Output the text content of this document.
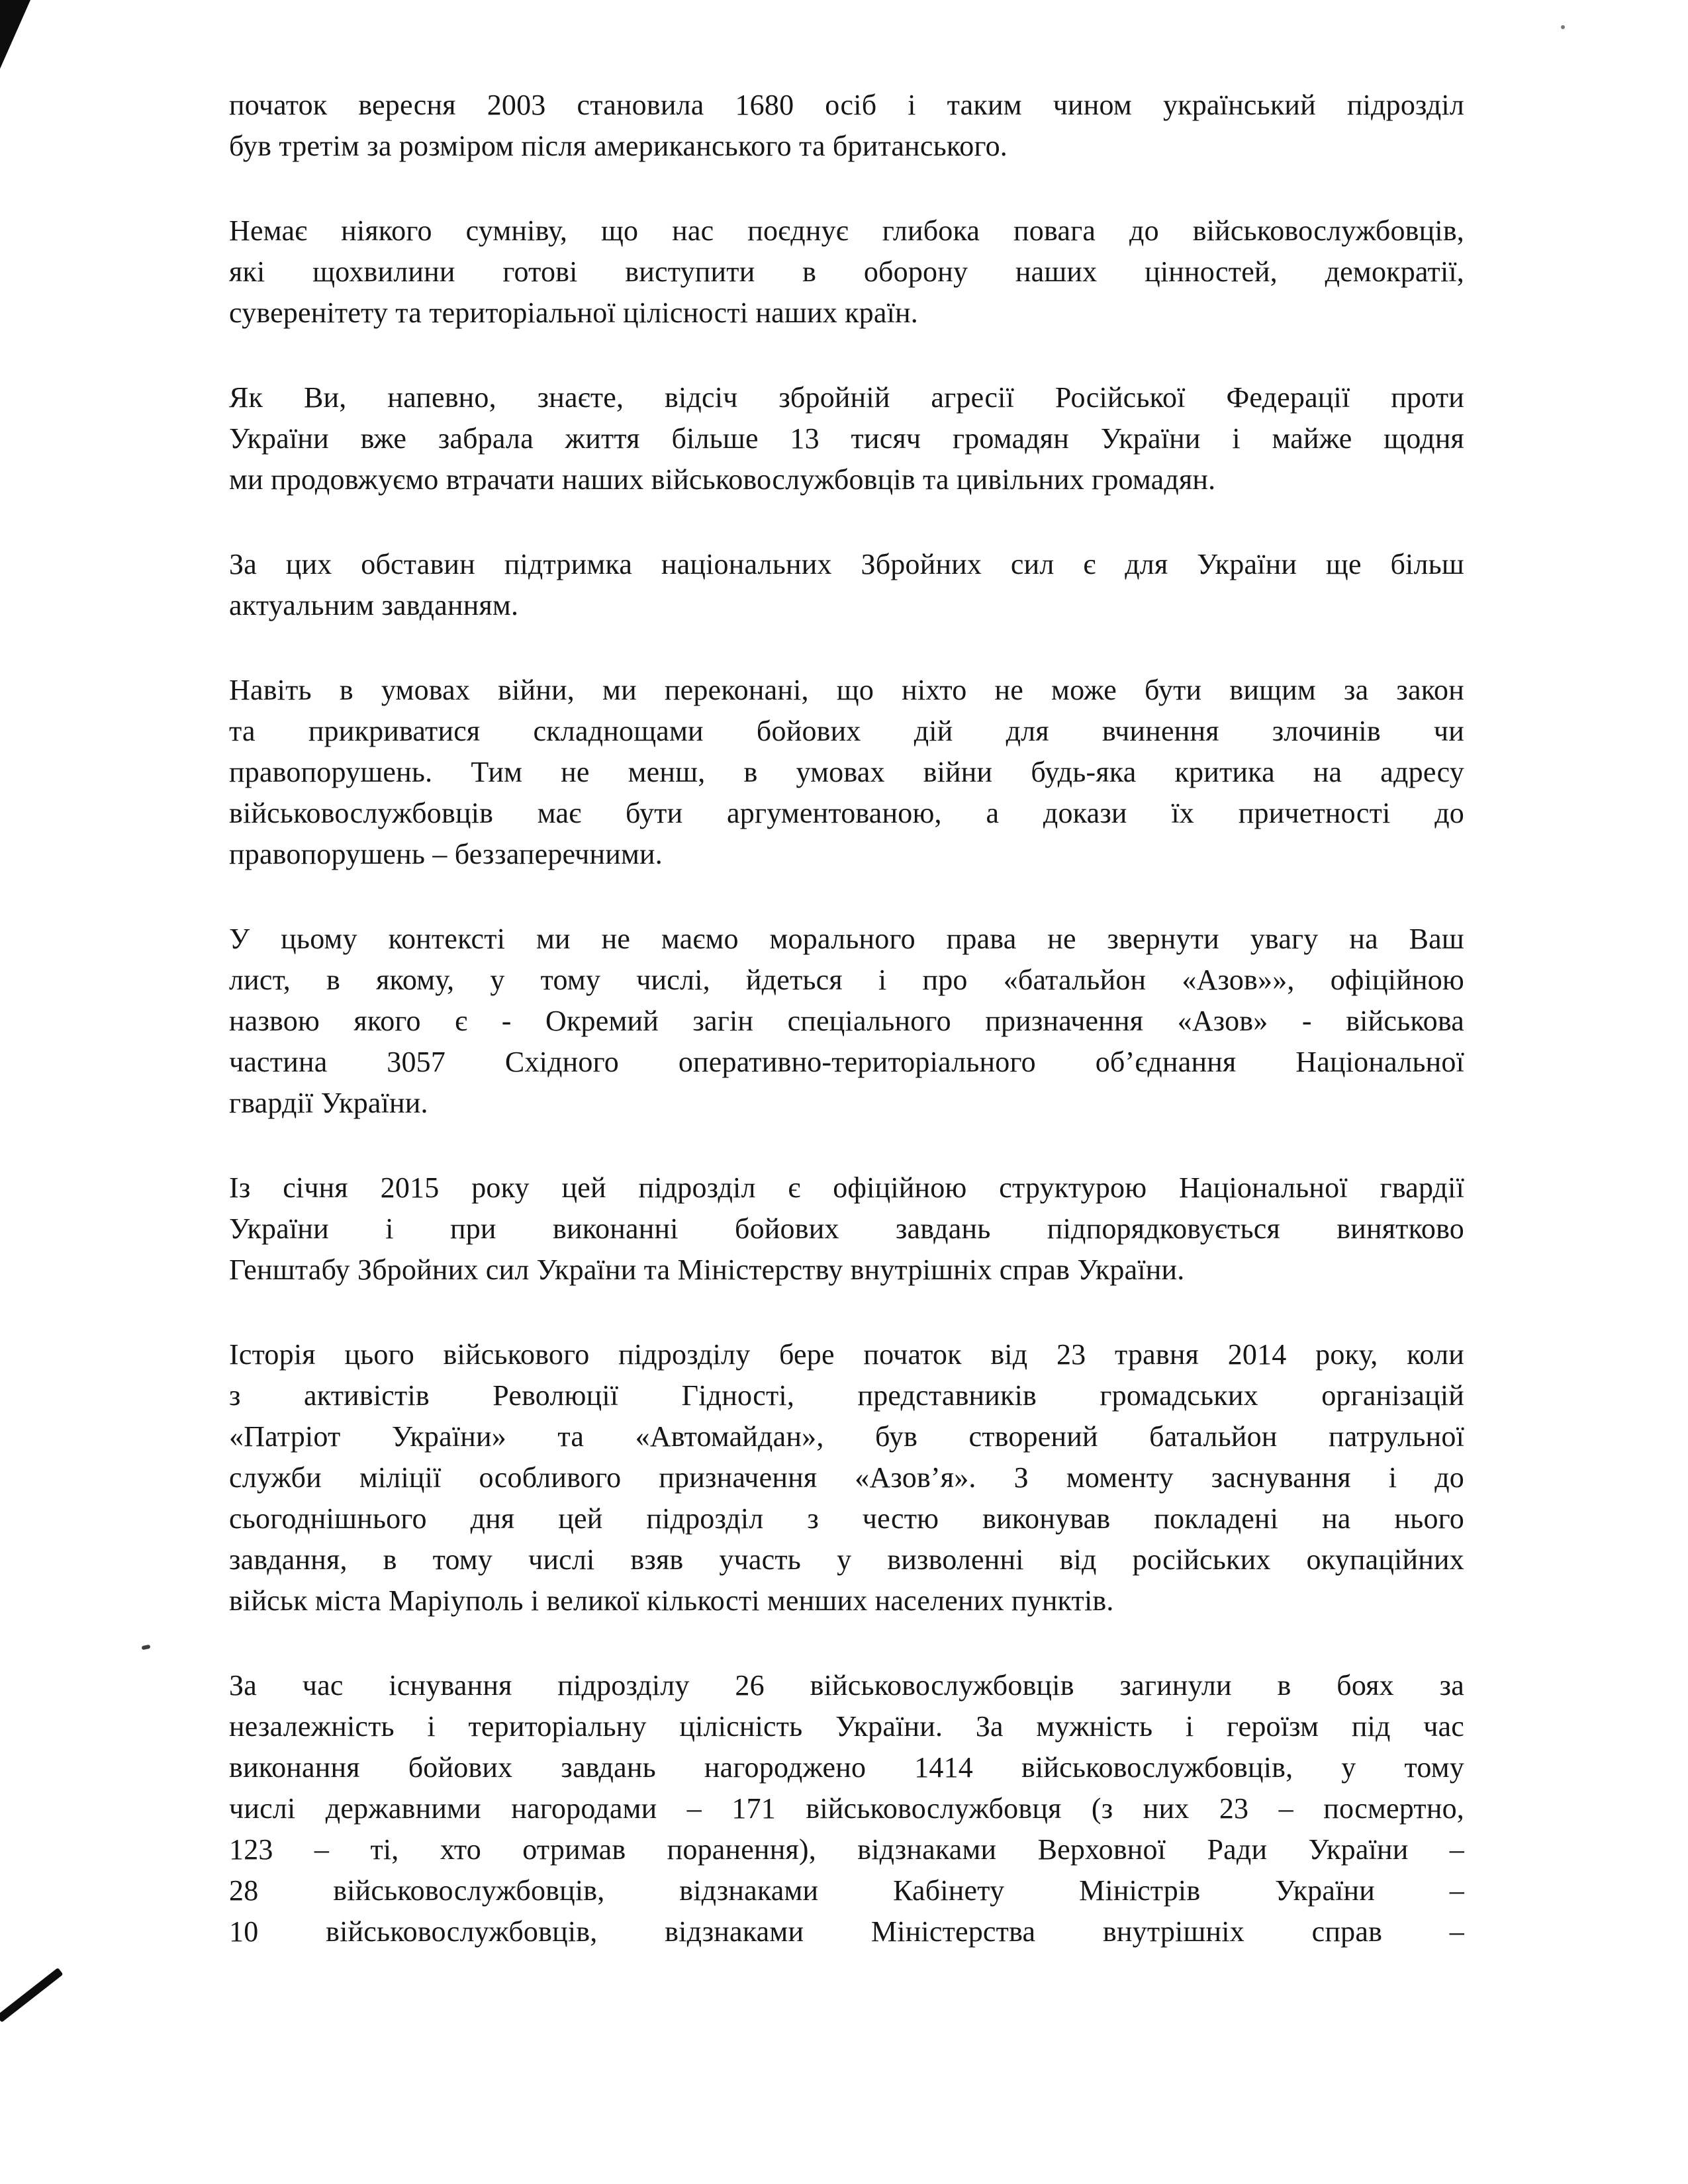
початок вересня 2003 становила 1680 осіб і таким чином український підрозділ
був третім за розміром після американського та британського.
Немає ніякого сумніву, що нас поєднує глибока повага до військовослужбовців,
які щохвилини готові виступити в оборону наших цінностей, демократії,
суверенітету та територіальної цілісності наших країн.
Як Ви, напевно, знаєте, відсіч збройній агресії Російської Федерації проти
України вже забрала життя більше 13 тисяч громадян України і майже щодня
ми продовжуємо втрачати наших військовослужбовців та цивільних громадян.
За цих обставин підтримка національних Збройних сил є для України ще більш
актуальним завданням.
Навіть в умовах війни, ми переконані, що ніхто не може бути вищим за закон
та прикриватися складнощами бойових дій для вчинення злочинів чи
правопорушень. Тим не менш, в умовах війни будь-яка критика на адресу
військовослужбовців має бути аргументованою, а докази їх причетності до
правопорушень – беззаперечними.
У цьому контексті ми не маємо морального права не звернути увагу на Ваш
лист, в якому, у тому числі, йдеться і про «батальйон «Азов»», офіційною
назвою якого є - Окремий загін спеціального призначення «Азов» - військова
частина 3057 Східного оперативно-територіального об’єднання Національної
гвардії України.
Із січня 2015 року цей підрозділ є офіційною структурою Національної гвардії
України і при виконанні бойових завдань підпорядковується винятково
Генштабу Збройних сил України та Міністерству внутрішніх справ України.
Історія цього військового підрозділу бере початок від 23 травня 2014 року, коли
з активістів Революції Гідності, представників громадських організацій
«Патріот України» та «Автомайдан», був створений батальйон патрульної
служби міліції особливого призначення «Азов’я». З моменту заснування і до
сьогоднішнього дня цей підрозділ з честю виконував покладені на нього
завдання, в тому числі взяв участь у визволенні від російських окупаційних
військ міста Маріуполь і великої кількості менших населених пунктів.
За час існування підрозділу 26 військовослужбовців загинули в боях за
незалежність і територіальну цілісність України. За мужність і героїзм під час
виконання бойових завдань нагороджено 1414 військовослужбовців, у тому
числі державними нагородами – 171 військовослужбовця (з них 23 – посмертно,
123 – ті, хто отримав поранення), відзнаками Верховної Ради України –
28 військовослужбовців, відзнаками Кабінету Міністрів України –
10 військовослужбовців, відзнаками Міністерства внутрішніх справ –
